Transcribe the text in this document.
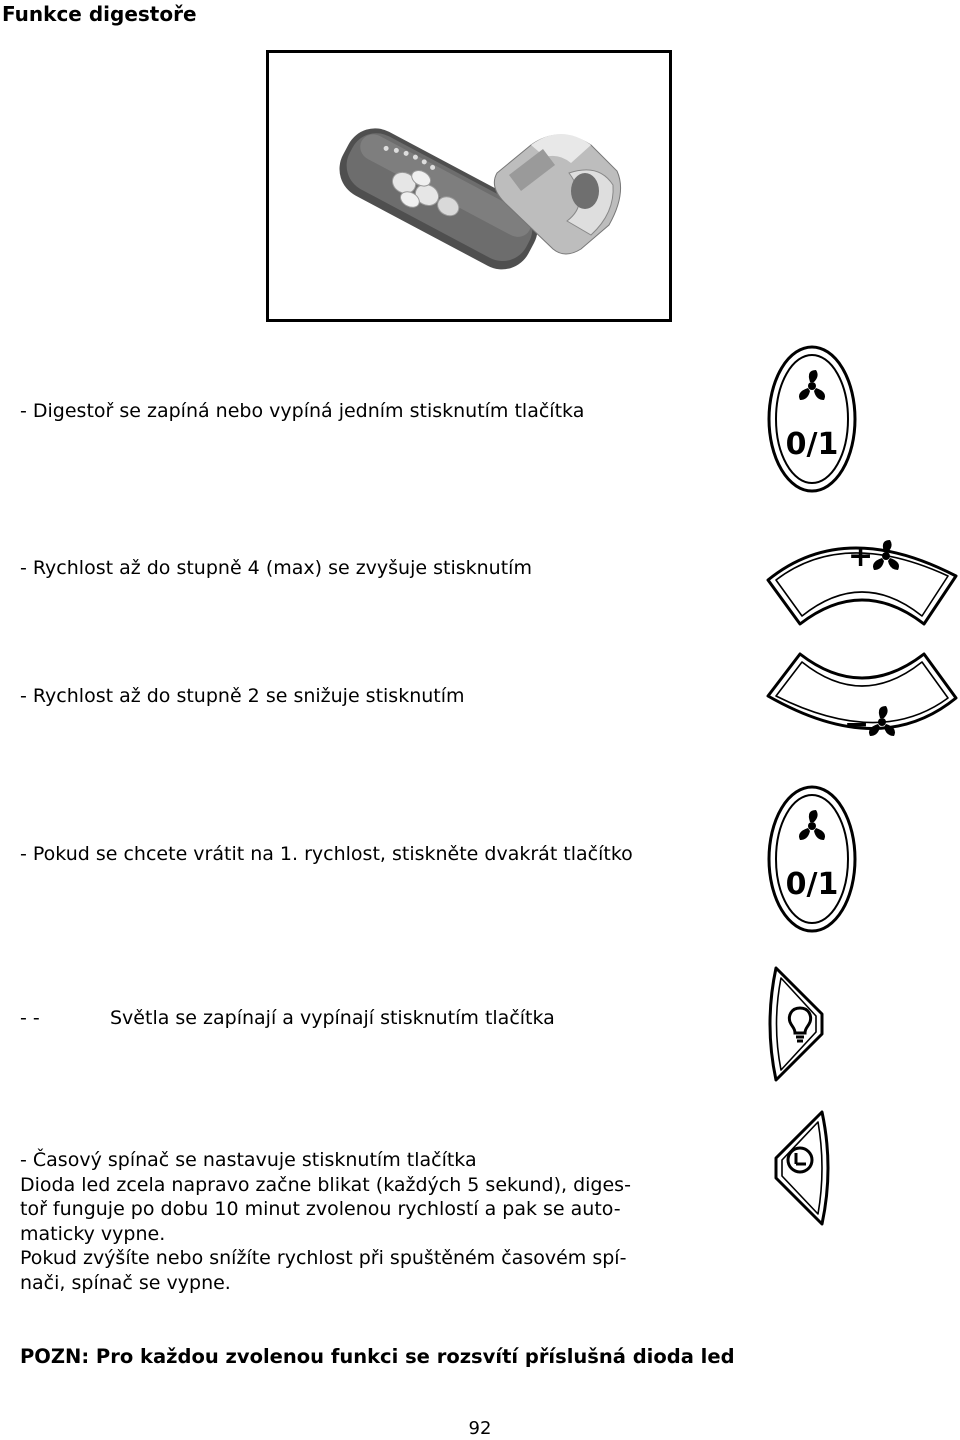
Funkce digestoře
- Digestoř se zapíná nebo vypíná jedním stisknutím tlačítka
- Rychlost až do stupně 4 (max) se zvyšuje stisknutím
- Rychlost až do stupně 2 se snižuje stisknutím
- Pokud se chcete vrátit na 1. rychlost, stiskněte dvakrát tlačítko
- -	Světla se zapínají a vypínají stisknutím tlačítka
- Časový spínač se nastavuje stisknutím tlačítka
Dioda led zcela napravo začne blikat (každých 5 sekund), diges-
toř funguje po dobu 10 minut zvolenou rychlostí a pak se auto-
maticky vypne.
Pokud zvýšíte nebo snížíte rychlost při spuštěném časovém spí-
nači, spínač se vypne.
POZN: Pro každou zvolenou funkci se rozsvítí příslušná dioda led
92
0/1
+
−
0/1
